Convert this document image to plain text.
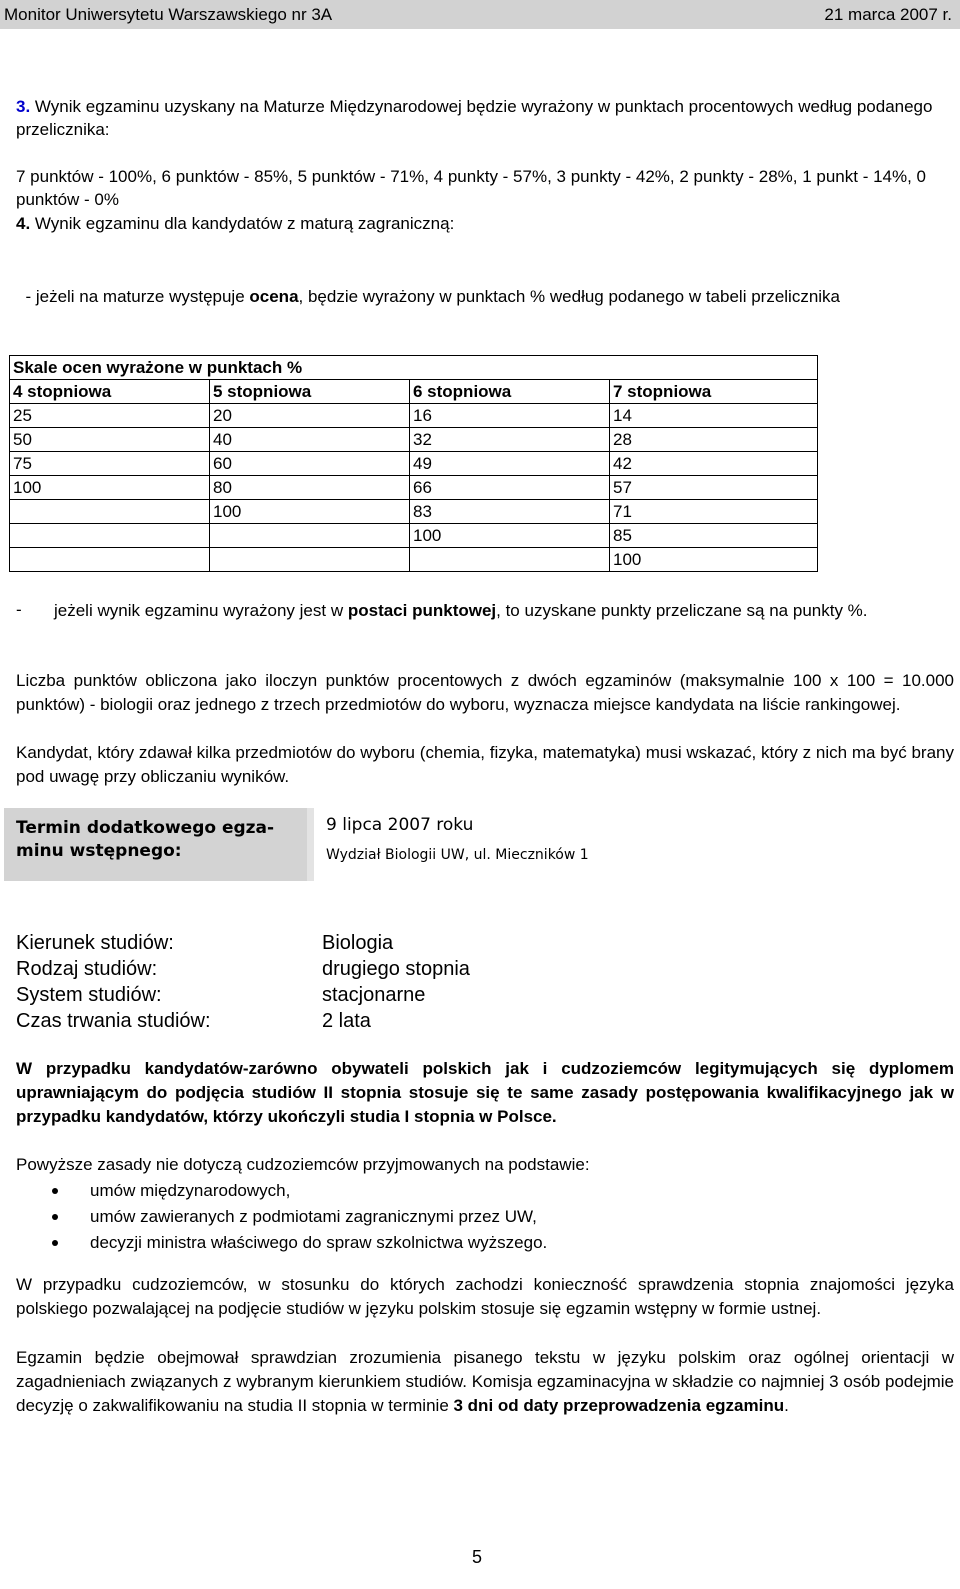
Monitor Uniwersytetu Warszawskiego nr 3A	21 marca 2007 r.

3. Wynik egzaminu uzyskany na Maturze Międzynarodowej będzie wyrażony w punktach procentowych według podanego przelicznika:

7 punktów - 100%, 6 punktów - 85%, 5 punktów - 71%, 4 punkty - 57%, 3 punkty - 42%, 2 punkty - 28%, 1 punkt - 14%, 0 punktów - 0%

4. Wynik egzaminu dla kandydatów z maturą zagraniczną:

- jeżeli na maturze występuje ocena, będzie wyrażony w punktach % według podanego w tabeli przelicznika

Skale ocen wyrażone w punktach %			
4 stopniowa	5 stopniowa	6 stopniowa	7 stopniowa
25	20	16	14
50	40	32	28
75	60	49	42
100	80	66	57
	100	83	71
		100	85
			100
- jeżeli wynik egzaminu wyrażony jest w postaci punktowej, to uzyskane punkty przeliczane są na punkty %.

Liczba punktów obliczona jako iloczyn punktów procentowych z dwóch egzaminów (maksymalnie 100 x 100 = 10.000 punktów) - biologii oraz jednego z trzech przedmiotów do wyboru, wyznacza miejsce kandydata na liście rankingowej.

Kandydat, który zdawał kilka przedmiotów do wyboru (chemia, fizyka, matematyka) musi wskazać, który z nich ma być brany pod uwagę przy obliczaniu wyników.

Termin dodatkowego egza-minu wstępnego:
9 lipca 2007 roku
Wydział Biologii UW, ul. Mieczników 1
Kierunek studiów:	Biologia
Rodzaj studiów:	drugiego stopnia
System studiów:	stacjonarne
Czas trwania studiów:	2 lata

W przypadku kandydatów-zarówno obywateli polskich jak i cudzoziemców legitymujących się dyplomem uprawniającym do podjęcia studiów II stopnia stosuje się te same zasady postępowania kwalifikacyjnego jak w przypadku kandydatów, którzy ukończyli studia I stopnia w Polsce.

Powyższe zasady nie dotyczą cudzoziemców przyjmowanych na podstawie:

umów międzynarodowych,
umów zawieranych z podmiotami zagranicznymi przez UW,
decyzji ministra właściwego do spraw szkolnictwa wyższego.

W przypadku cudzoziemców, w stosunku do których zachodzi konieczność sprawdzenia stopnia znajomości języka polskiego pozwalającej na podjęcie studiów w języku polskim stosuje się egzamin wstępny w formie ustnej.

Egzamin będzie obejmował sprawdzian zrozumienia pisanego tekstu w języku polskim oraz ogólnej orientacji w zagadnieniach związanych z wybranym kierunkiem studiów. Komisja egzaminacyjna w składzie co najmniej 3 osób podejmie decyzję o zakwalifikowaniu na studia II stopnia w terminie 3 dni od daty przeprowadzenia egzaminu.

5
